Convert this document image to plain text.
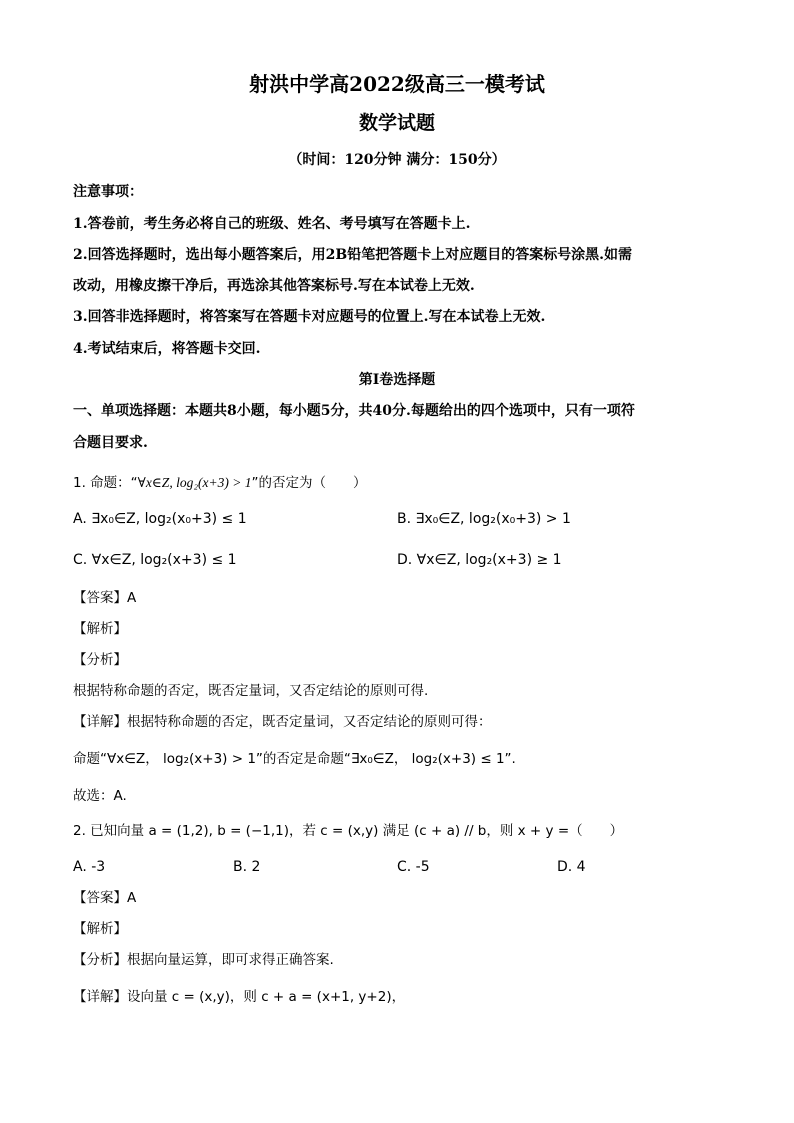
射洪中学高2022级高三一模考试
数学试题
（时间：120分钟 满分：150分）
注意事项：
1.答卷前，考生务必将自己的班级、姓名、考号填写在答题卡上.
2.回答选择题时，选出每小题答案后，用2B铅笔把答题卡上对应题目的答案标号涂黑.如需
改动，用橡皮擦干净后，再选涂其他答案标号.写在本试卷上无效.
3.回答非选择题时，将答案写在答题卡对应题号的位置上.写在本试卷上无效.
4.考试结束后，将答题卡交回.
第I卷选择题
一、单项选择题：本题共8小题，每小题5分，共40分.每题给出的四个选项中，只有一项符
合题目要求.
1. 命题：“∀x∈Z, log₂(x+3) > 1”的否定为（　　）
A. ∃x₀∈Z, log₂(x₀+3) ≤ 1	B. ∃x₀∈Z, log₂(x₀+3) > 1
C. ∀x∈Z, log₂(x+3) ≤ 1	D. ∀x∈Z, log₂(x+3) ≥ 1
【答案】A
【解析】
【分析】
根据特称命题的否定，既否定量词，又否定结论的原则可得.
【详解】根据特称命题的否定，既否定量词，又否定结论的原则可得：
命题“∀x∈Z， log₂(x+3) > 1”的否定是命题“∃x₀∈Z， log₂(x+3) ≤ 1”.
故选：A.
2. 已知向量 a = (1,2), b = (−1,1)，若 c = (x,y) 满足 (c + a) // b，则 x + y =（　　）
A. -3	B. 2	C. -5	D. 4
【答案】A
【解析】
【分析】根据向量运算，即可求得正确答案.
【详解】设向量 c = (x,y)，则 c + a = (x+1, y+2)，
